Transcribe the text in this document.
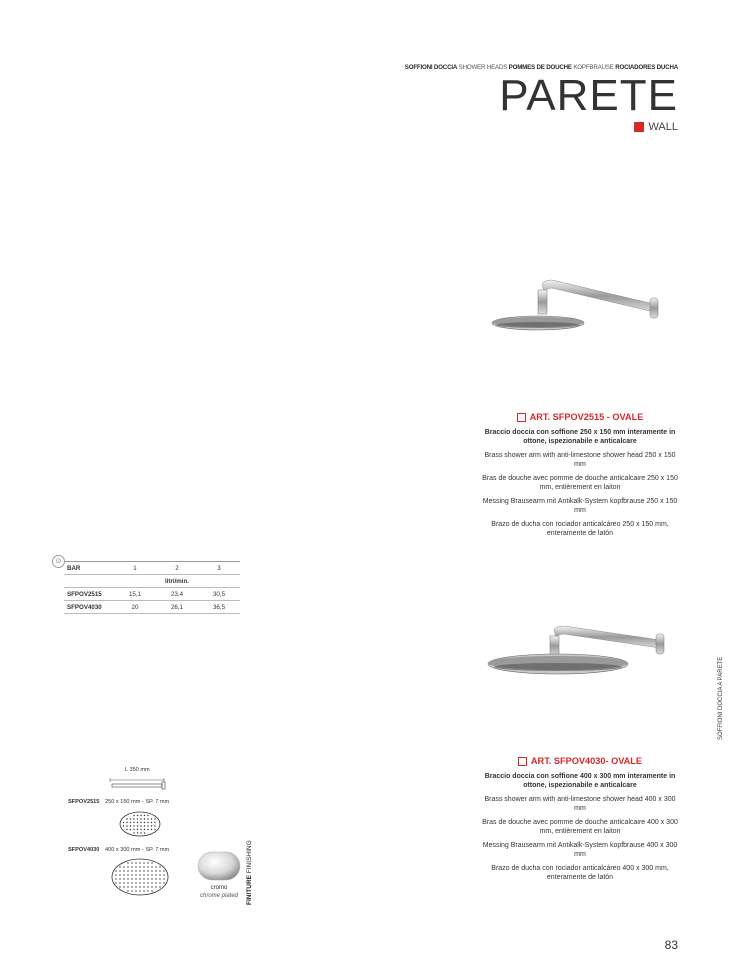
SOFFIONI DOCCIA SHOWER HEADS POMMES DE DOUCHE KOPFBRAUSE ROCIADORES DUCHA
PARETE
WALL
ART. SFPOV2515 - OVALE

Braccio doccia con soffione 250 x 150 mm interamente in ottone, ispezionabile e anticalcare

Brass shower arm with anti-limestone shower head 250 x 150 mm

Bras de douche avec pomme de douche anticalcaire 250 x 150 mm, entièrement en laiton

Messing Brausearm mit Antikalk-System kopfbrause 250 x 150 mm

Brazo de ducha con rociador anticalcáreo 250 x 150 mm, enteramente de latón

ART. SFPOV4030- OVALE

Braccio doccia con soffione 400 x 300 mm interamente in ottone, ispezionabile e anticalcare

Brass shower arm with anti-limestone shower head 400 x 300 mm

Bras de douche avec pomme de douche anticalcaire 400 x 300 mm, entièrement en laiton

Messing Brausearm mit Antikalk-System kopfbrause 400 x 300 mm

Brazo de ducha con rociador anticalcáreo 400 x 300 mm, enteramente de latón

⊙
BAR	1	2	3
	litri/min.		
SFPOV2515	15,1	23,4	30,5
SFPOV4030	20	26,1	36,5
L 350 mm
SFPOV2515 250 x 150 mm - SP. 7 mm
SFPOV4030 400 x 300 mm - SP. 7 mm
cromo
chrome plated	FINITURE FINISHING
SOFFIONI DOCCIA A PARETE
83
